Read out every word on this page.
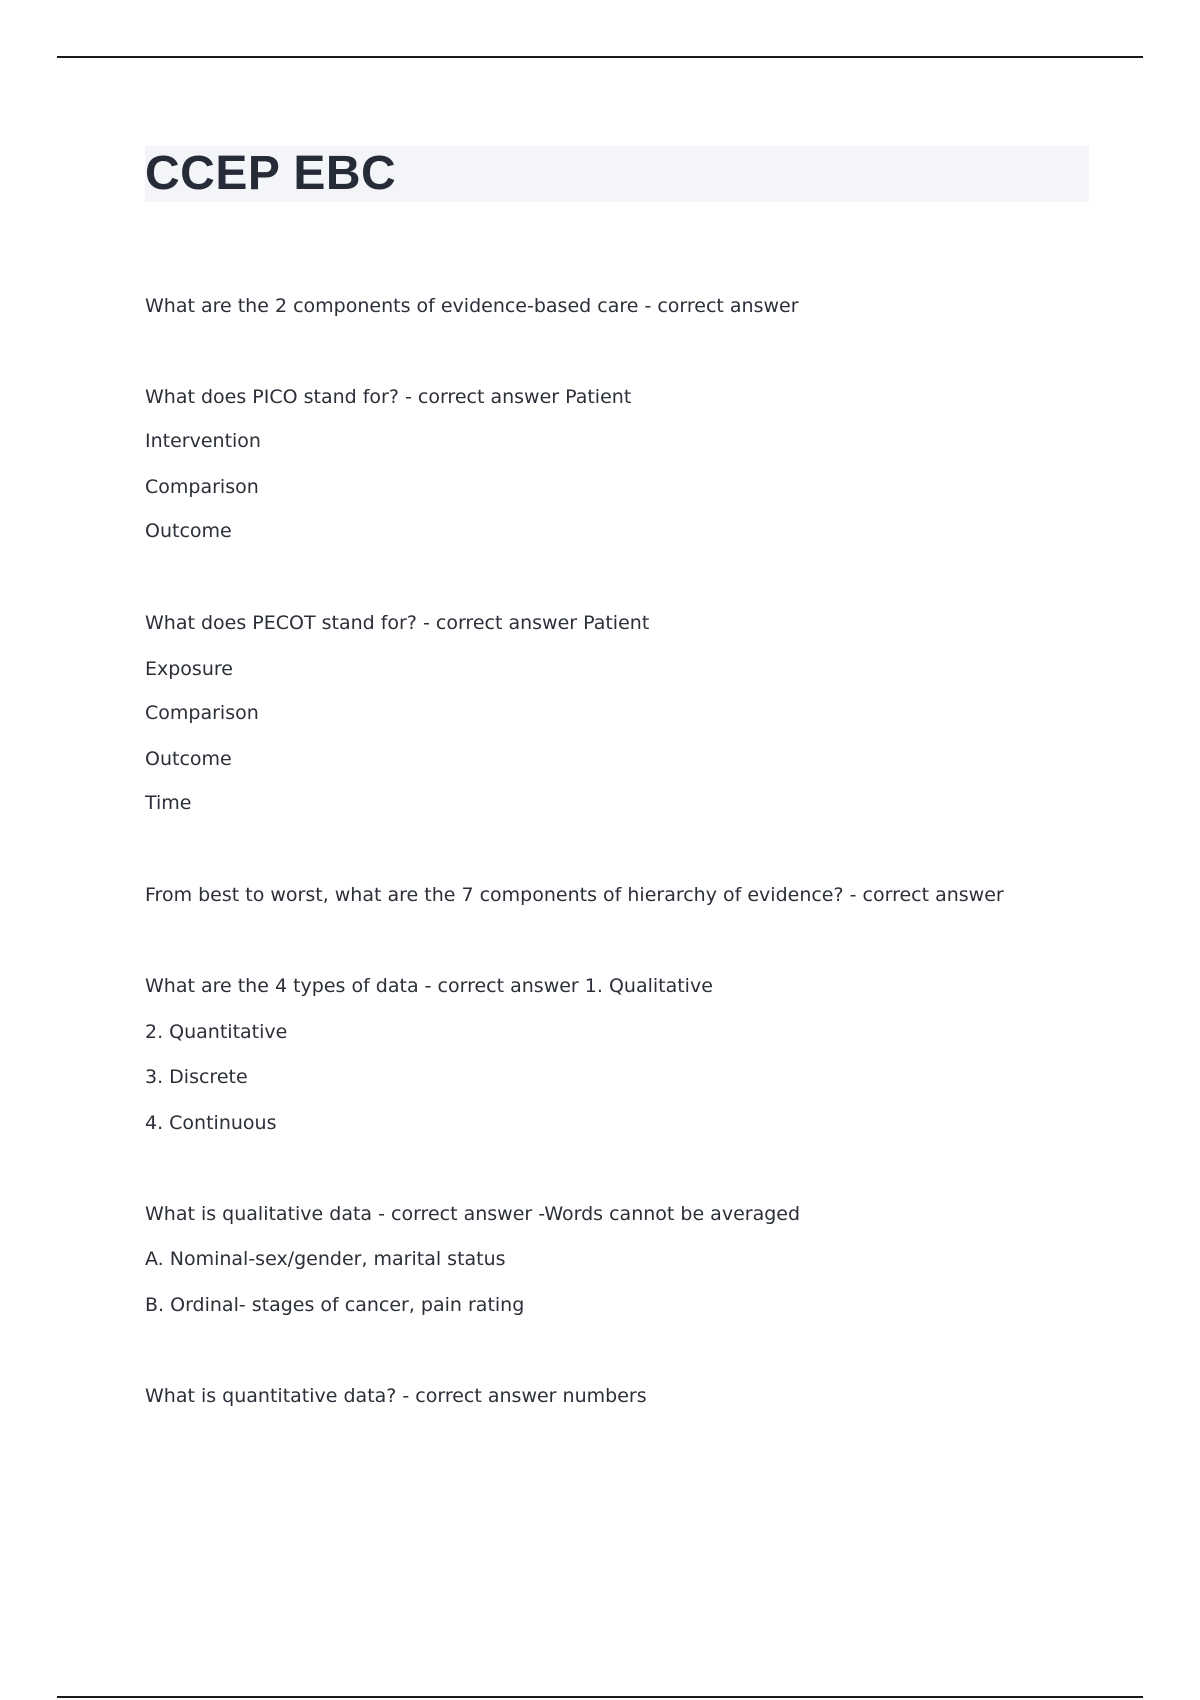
CCEP EBC
What are the 2 components of evidence-based care - correct answer
What does PICO stand for? - correct answer Patient
Intervention
Comparison
Outcome
What does PECOT stand for? - correct answer Patient
Exposure
Comparison
Outcome
Time
From best to worst, what are the 7 components of hierarchy of evidence? - correct answer
What are the 4 types of data - correct answer 1. Qualitative
2. Quantitative
3. Discrete
4. Continuous
What is qualitative data - correct answer -Words cannot be averaged
A. Nominal-sex/gender, marital status
B. Ordinal- stages of cancer, pain rating
What is quantitative data? - correct answer numbers
